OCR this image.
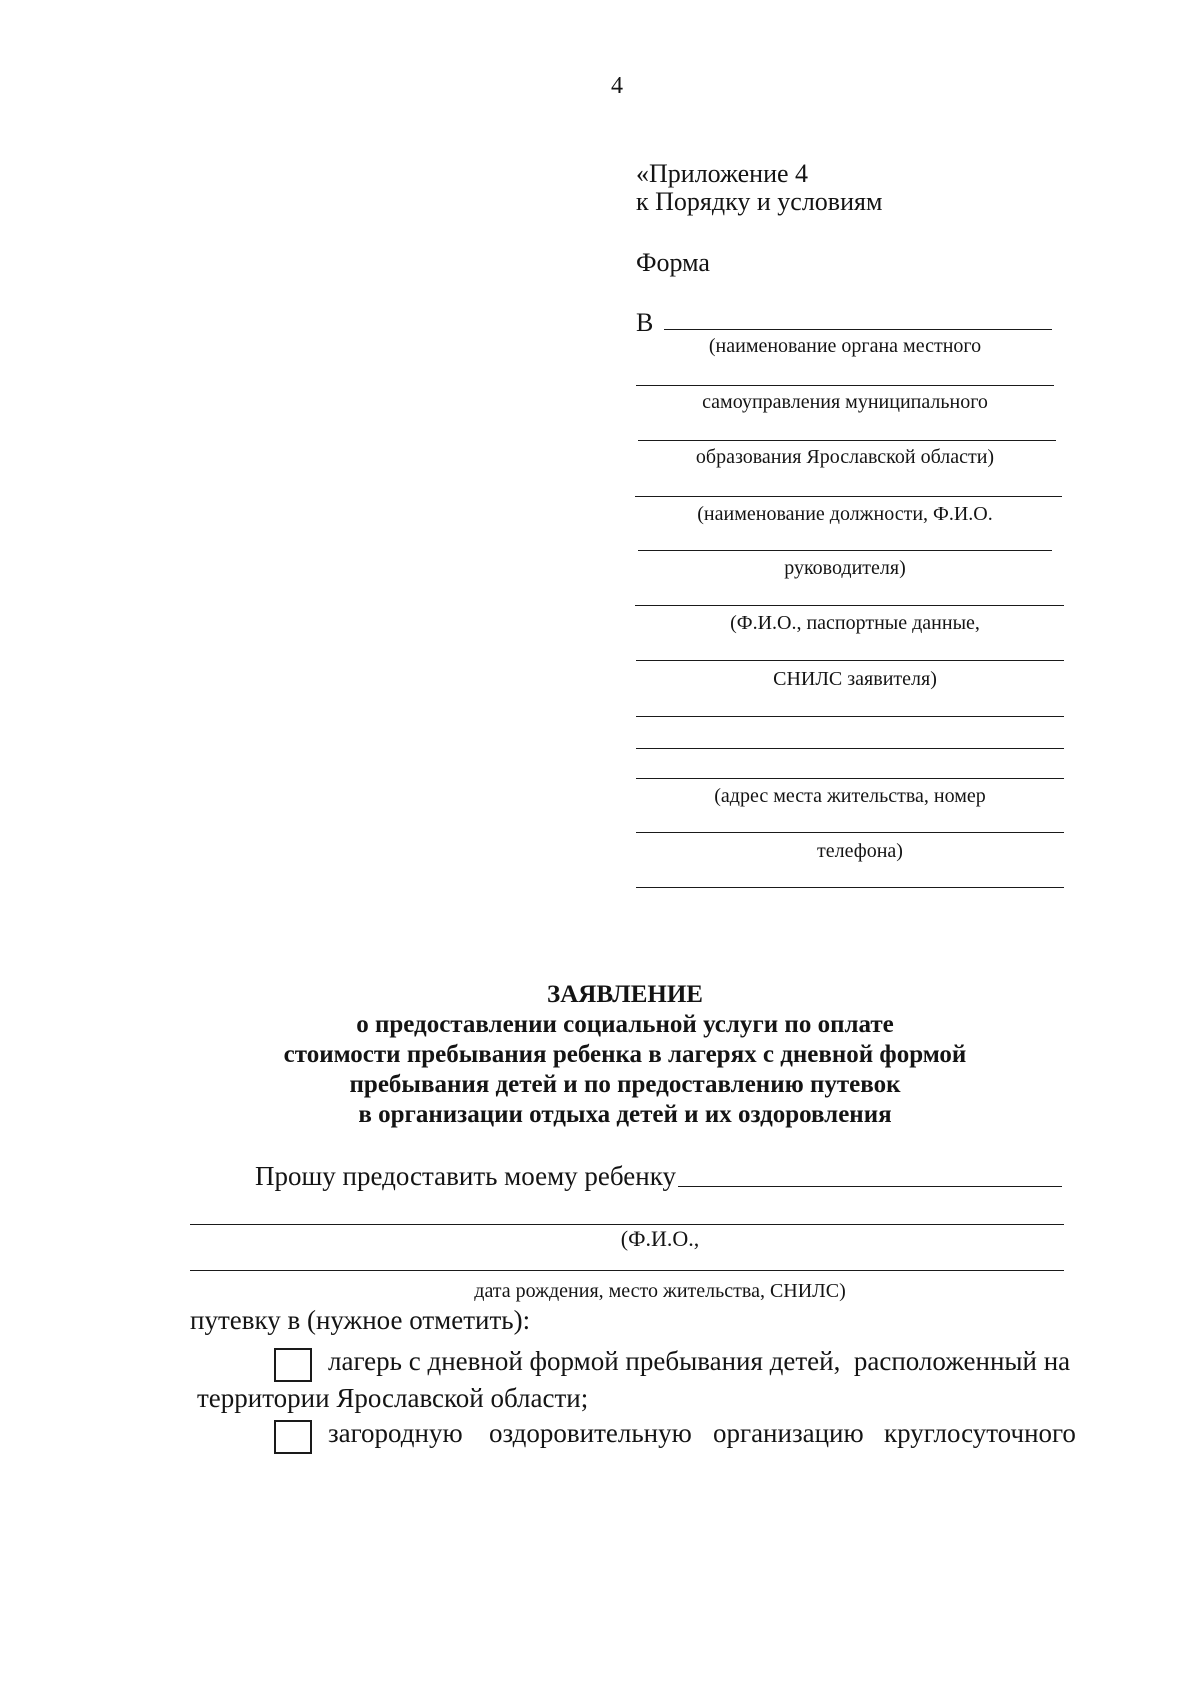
4
«Приложение 4
к Порядку и условиям
Форма
В
(наименование органа местного
самоуправления муниципального
образования Ярославской области)
(наименование должности, Ф.И.О.
руководителя)
(Ф.И.О., паспортные данные,
СНИЛС заявителя)
(адрес места жительства, номер
телефона)
ЗАЯВЛЕНИЕ
о предоставлении социальной услуги по оплате
стоимости пребывания ребенка в лагерях с дневной формой
пребывания детей и по предоставлению путевок
в организации отдыха детей и их оздоровления
Прошу предоставить моему ребенку
(Ф.И.О.,
дата рождения, место жительства, СНИЛС)
путевку в (нужное отметить):
лагерь с дневной формой пребывания детей,  расположенный на
территории Ярославской области;
загородную оздоровительную организацию круглосуточного
